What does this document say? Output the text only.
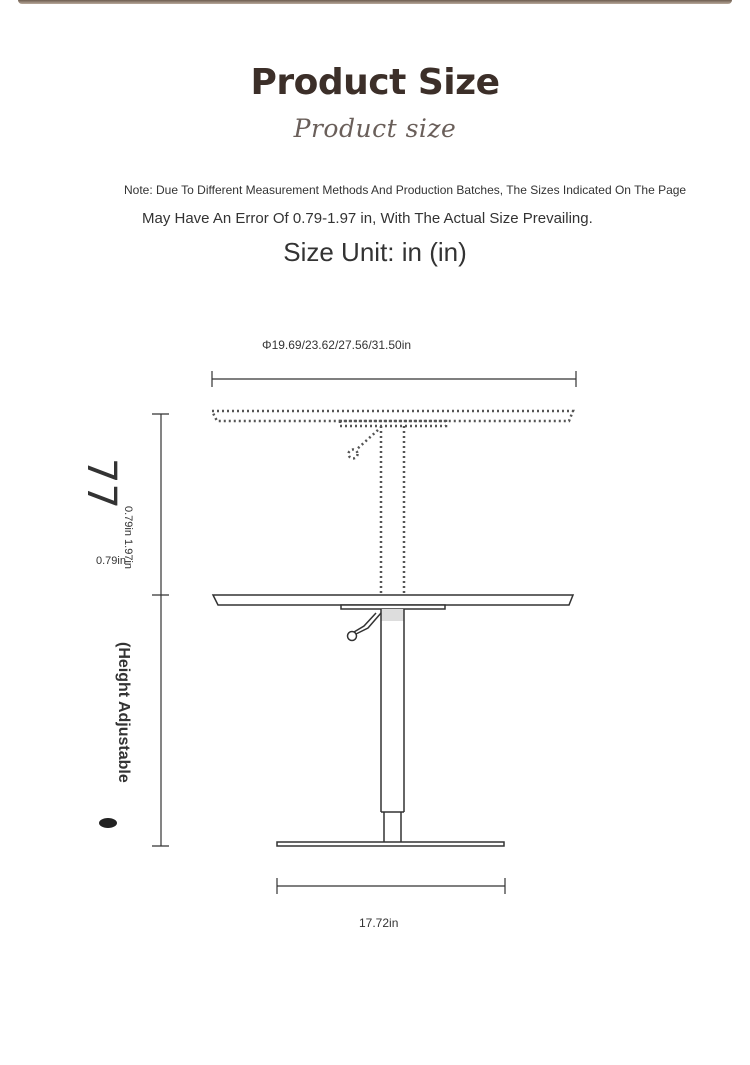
Product Size
Product size
Note: Due To Different Measurement Methods And Production Batches, The Sizes Indicated On The Page
May Have An Error Of 0.79-1.97 in, With The Actual Size Prevailing.
Size Unit: in (in)
Φ19.69/23.62/27.56/31.50in
17.72in
77
0.79in 1.97in
0.79in
(Height Adjustable
